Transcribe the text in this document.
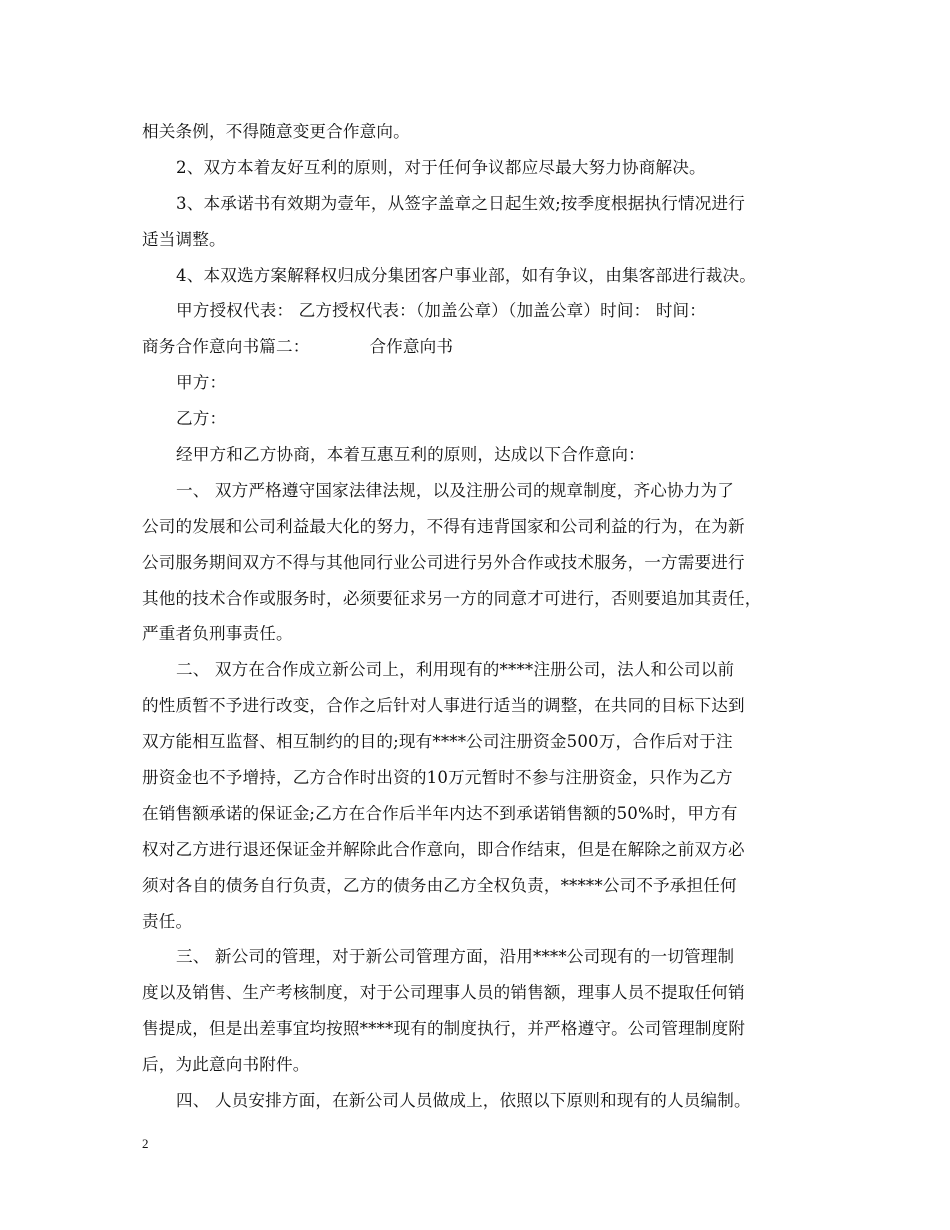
相关条例，不得随意变更合作意向。
2、双方本着友好互利的原则，对于任何争议都应尽最大努力协商解决。
3、本承诺书有效期为壹年，从签字盖章之日起生效;按季度根据执行情况进行
适当调整。
4、本双选方案解释权归成分集团客户事业部，如有争议，由集客部进行裁决。
甲方授权代表： 乙方授权代表：（加盖公章）（加盖公章）时间： 时间：
商务合作意向书篇二：	合作意向书
甲方：
乙方：
经甲方和乙方协商，本着互惠互利的原则，达成以下合作意向：
一、 双方严格遵守国家法律法规，以及注册公司的规章制度，齐心协力为了
公司的发展和公司利益最大化的努力，不得有违背国家和公司利益的行为，在为新
公司服务期间双方不得与其他同行业公司进行另外合作或技术服务，一方需要进行
其他的技术合作或服务时，必须要征求另一方的同意才可进行，否则要追加其责任，
严重者负刑事责任。
二、 双方在合作成立新公司上，利用现有的****注册公司，法人和公司以前
的性质暂不予进行改变，合作之后针对人事进行适当的调整，在共同的目标下达到
双方能相互监督、相互制约的目的;现有****公司注册资金500万，合作后对于注
册资金也不予增持，乙方合作时出资的10万元暂时不参与注册资金，只作为乙方
在销售额承诺的保证金;乙方在合作后半年内达不到承诺销售额的50%时，甲方有
权对乙方进行退还保证金并解除此合作意向，即合作结束，但是在解除之前双方必
须对各自的债务自行负责，乙方的债务由乙方全权负责，*****公司不予承担任何
责任。
三、 新公司的管理，对于新公司管理方面，沿用****公司现有的一切管理制
度以及销售、生产考核制度，对于公司理事人员的销售额，理事人员不提取任何销
售提成，但是出差事宜均按照****现有的制度执行，并严格遵守。公司管理制度附
后，为此意向书附件。
四、 人员安排方面，在新公司人员做成上，依照以下原则和现有的人员编制。
2
